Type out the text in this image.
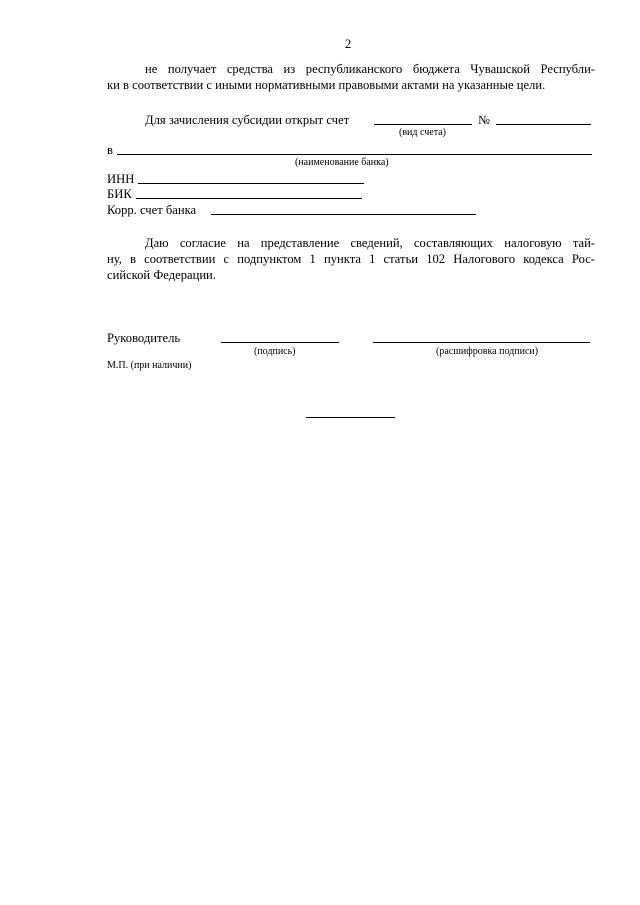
2
не получает средства из республиканского бюджета Чувашской Республи-
ки в соответствии с иными нормативными правовыми актами на указанные цели.
Для зачисления субсидии открыт счет	№
(вид счета)
в
(наименование банка)
ИНН
БИК
Корр. счет банка
Даю согласие на представление сведений, составляющих налоговую тай-
ну, в соответствии с подпунктом 1 пункта 1 статьи 102 Налогового кодекса Рос-
сийской Федерации.
Руководитель
(подпись)	(расшифровка подписи)
М.П. (при наличии)
